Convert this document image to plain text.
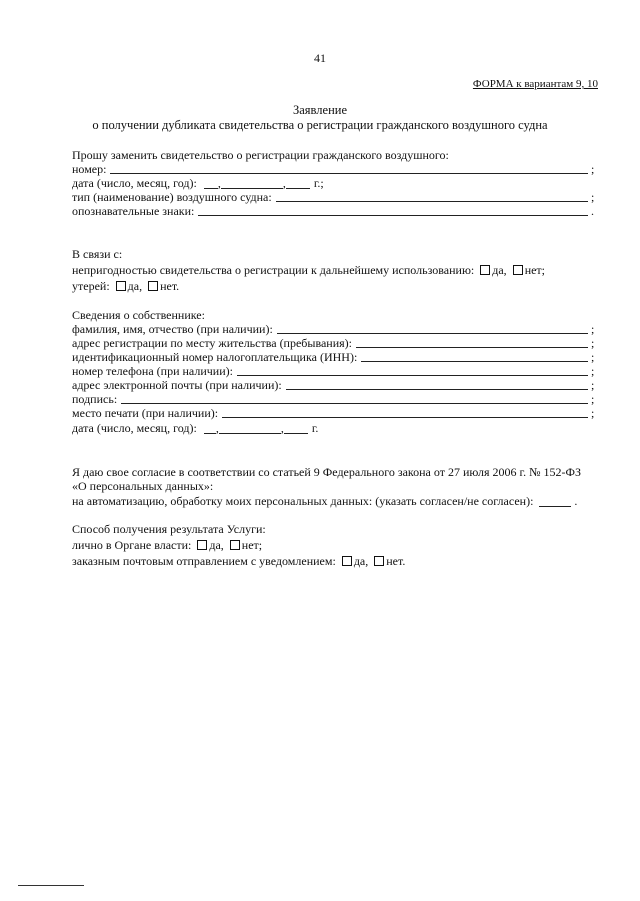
41
ФОРМА к вариантам 9, 10
Заявление
о получении дубликата свидетельства о регистрации гражданского воздушного судна
Прошу заменить свидетельство о регистрации гражданского воздушного:
номер:	;
дата (число, месяц, год): ,	, г.;
тип (наименование) воздушного судна:	;
опознавательные знаки:	.
В связи с:
непригодностью свидетельства о регистрации к дальнейшему использованию: да, нет;
утерей: да, нет.
Сведения о собственнике:
фамилия, имя, отчество (при наличии):	;
адрес регистрации по месту жительства (пребывания):	;
идентификационный номер налогоплательщика (ИНН):	;
номер телефона (при наличии):	;
адрес электронной почты (при наличии):	;
подпись:	;
место печати (при наличии):	;
дата (число, месяц, год): ,	, г.
Я даю свое согласие в соответствии со статьей 9 Федерального закона от 27 июля 2006 г. № 152-ФЗ
«О персональных данных»:
на автоматизацию, обработку моих персональных данных: (указать согласен/не согласен):	.
Способ получения результата Услуги:
лично в Органе власти: да, нет;
заказным почтовым отправлением с уведомлением: да, нет.
